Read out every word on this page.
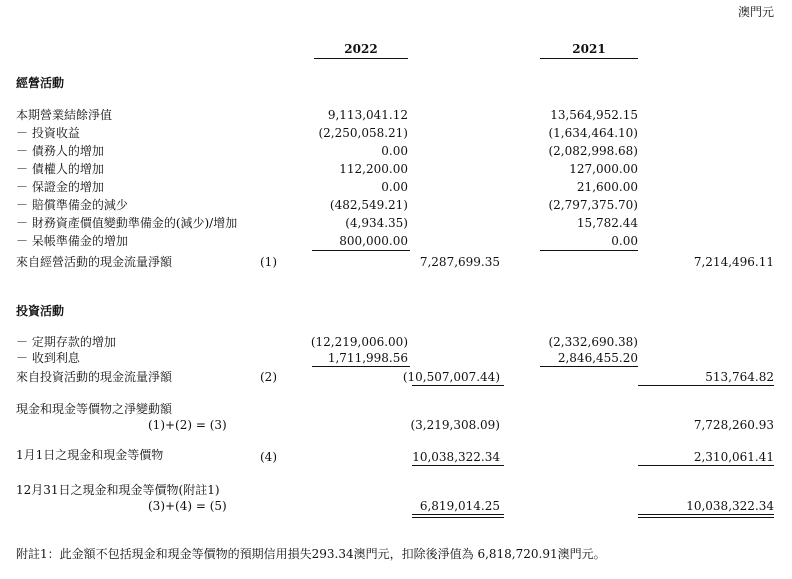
澳門元
2022	2021
經營活動
本期營業結餘淨值	9,113,041.12	13,564,952.15
－ 投資收益	(2,250,058.21)	(1,634,464.10)
－ 債務人的增加	0.00	(2,082,998.68)
－ 債權人的增加	112,200.00	127,000.00
－ 保證金的增加	0.00	21,600.00
－ 賠償準備金的減少	(482,549.21)	(2,797,375.70)
－ 財務資產價值變動準備金的(減少)/增加	(4,934.35)	15,782.44
－ 呆帳準備金的增加	800,000.00	0.00
來自經營活動的現金流量淨額	(1)	7,287,699.35	7,214,496.11
投資活動
－ 定期存款的增加	(12,219,006.00)	(2,332,690.38)
－ 收到利息	1,711,998.56	2,846,455.20
來自投資活動的現金流量淨額	(2)	(10,507,007.44)	513,764.82
現金和現金等價物之淨變動額
(1)+(2) = (3)	(3,219,308.09)	7,728,260.93
1月1日之現金和現金等價物	(4)	10,038,322.34	2,310,061.41
12月31日之現金和現金等價物(附註1)
(3)+(4) = (5)	6,819,014.25	10,038,322.34
附註1：此金額不包括現金和現金等價物的預期信用損失293.34澳門元，扣除後淨值為 6,818,720.91澳門元。
